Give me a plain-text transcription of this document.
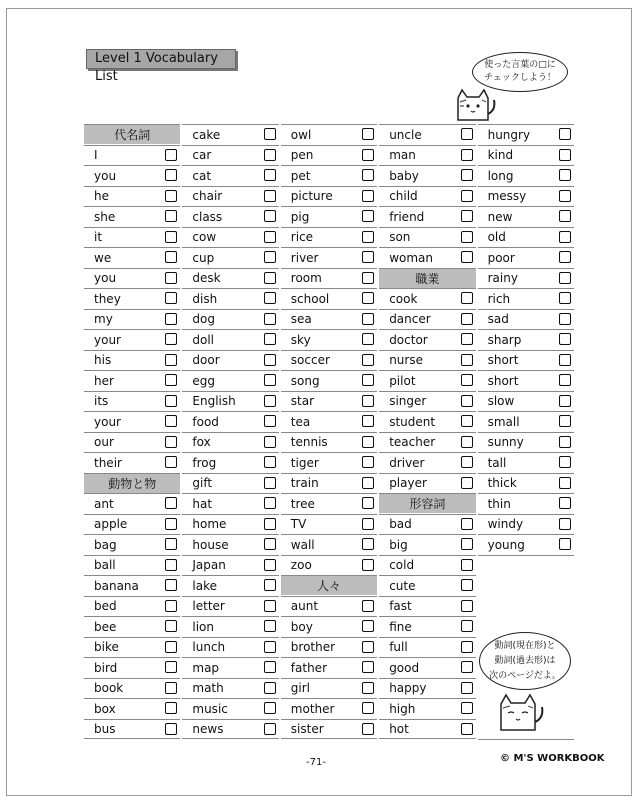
Level 1 Vocabulary List
使った言葉の□に
チェックしよう！
代名詞
I
you
he
she
it
we
you
they
my
your
his
her
its
your
our
their
動物と物
ant
apple
bag
ball
banana
bed
bee
bike
bird
book
box
bus
cake
car
cat
chair
class
cow
cup
desk
dish
dog
doll
door
egg
English
food
fox
frog
gift
hat
home
house
Japan
lake
letter
lion
lunch
map
math
music
news
owl
pen
pet
picture
pig
rice
river
room
school
sea
sky
soccer
song
star
tea
tennis
tiger
train
tree
TV
wall
zoo
人々
aunt
boy
brother
father
girl
mother
sister
uncle
man
baby
child
friend
son
woman
職業
cook
dancer
doctor
nurse
pilot
singer
student
teacher
driver
player
形容詞
bad
big
cold
cute
fast
fine
full
good
happy
high
hot
hungry
kind
long
messy
new
old
poor
rainy
rich
sad
sharp
short
short
slow
small
sunny
tall
thick
thin
windy
young
動詞(現在形)と
動詞(過去形)は
次のページだよ。
-71-	© M'S WORKBOOK
